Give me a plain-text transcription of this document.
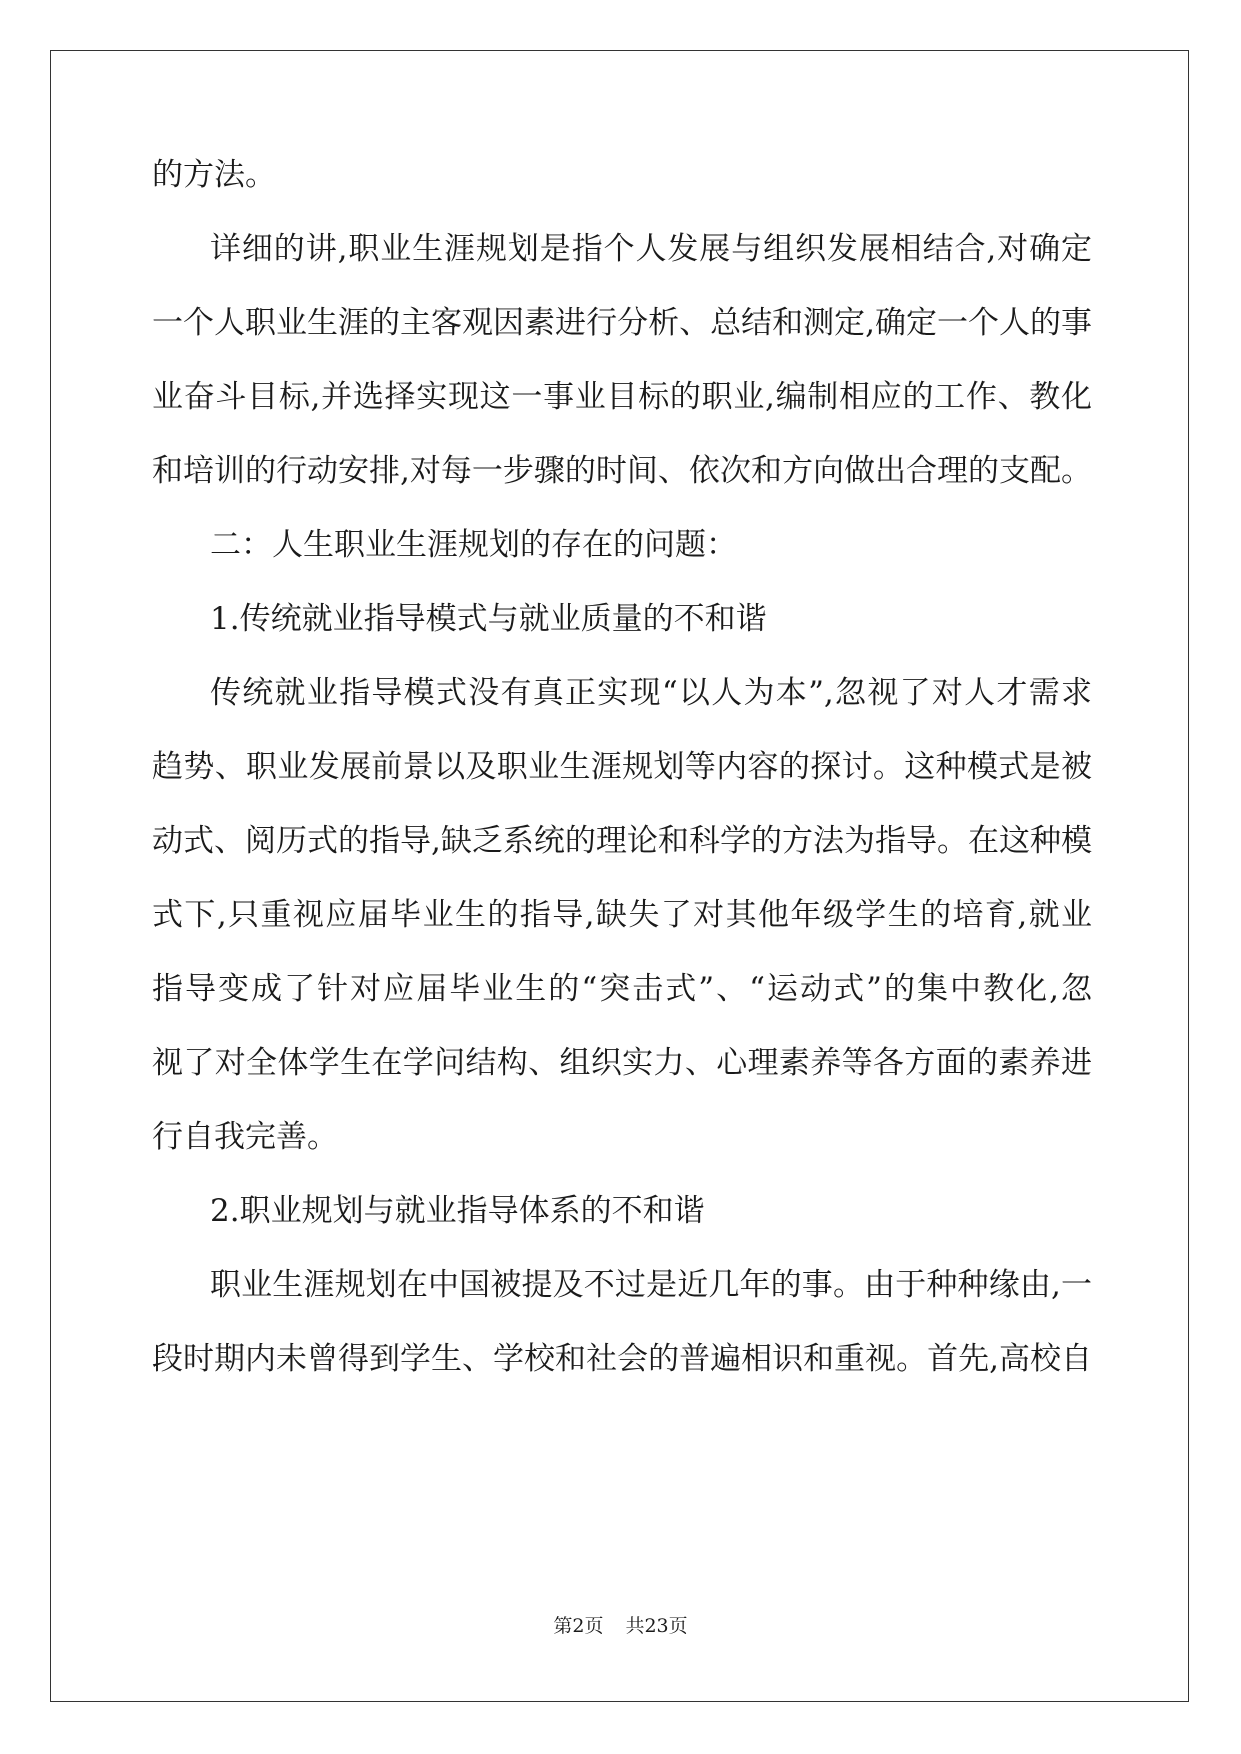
的方法。
详细的讲,职业生涯规划是指个人发展与组织发展相结合,对确定
一个人职业生涯的主客观因素进行分析、总结和测定,确定一个人的事
业奋斗目标,并选择实现这一事业目标的职业,编制相应的工作、教化
和培训的行动安排,对每一步骤的时间、依次和方向做出合理的支配。
二：人生职业生涯规划的存在的问题：
1.传统就业指导模式与就业质量的不和谐
传统就业指导模式没有真正实现“以人为本”,忽视了对人才需求
趋势、职业发展前景以及职业生涯规划等内容的探讨。这种模式是被
动式、阅历式的指导,缺乏系统的理论和科学的方法为指导。在这种模
式下,只重视应届毕业生的指导,缺失了对其他年级学生的培育,就业
指导变成了针对应届毕业生的“突击式”、“运动式”的集中教化,忽
视了对全体学生在学问结构、组织实力、心理素养等各方面的素养进
行自我完善。
2.职业规划与就业指导体系的不和谐
职业生涯规划在中国被提及不过是近几年的事。由于种种缘由,一
段时期内未曾得到学生、学校和社会的普遍相识和重视。首先,高校自
第2页 共23页
